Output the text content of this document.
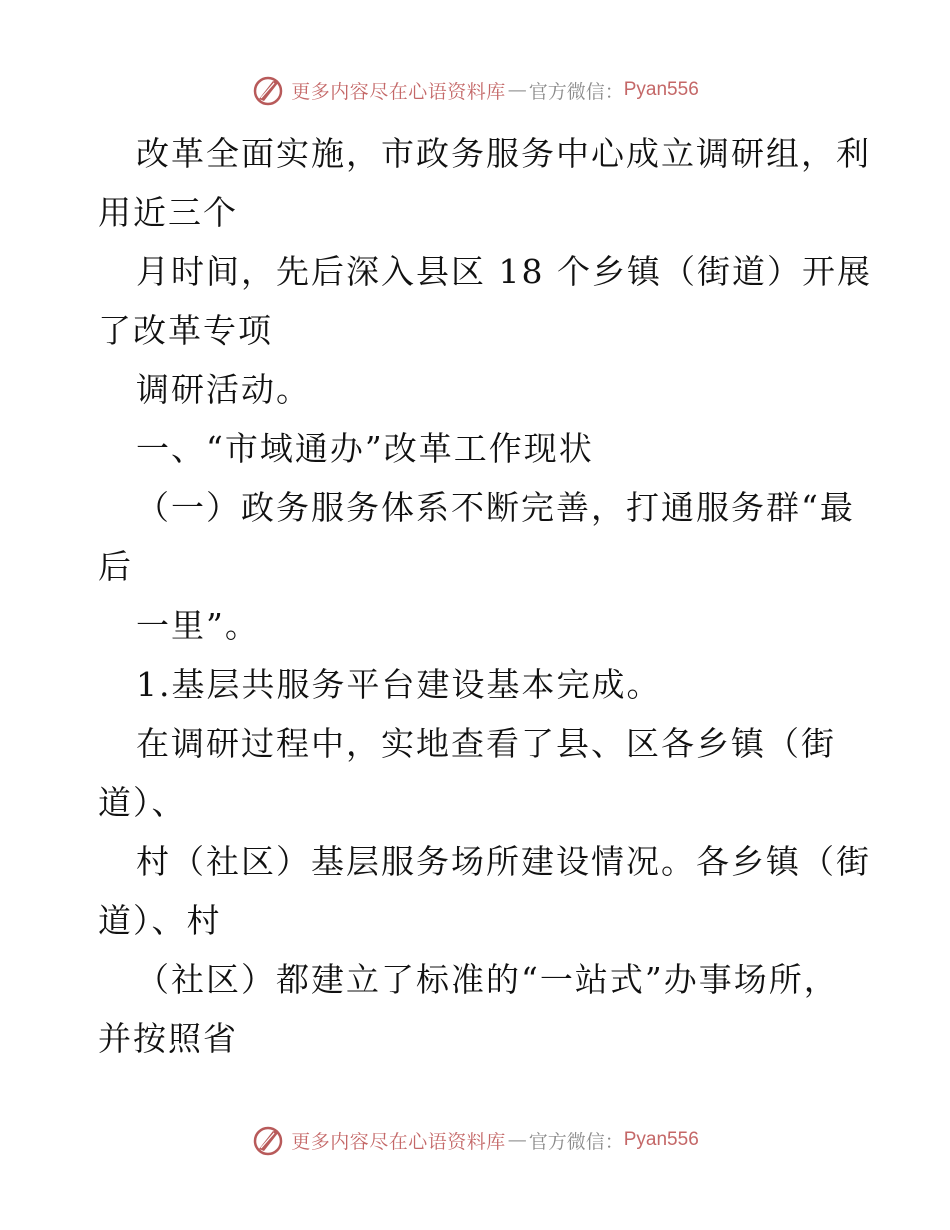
更多内容尽在心语资料库 — 官方微信： Pyan556
改革全面实施，市政务服务中心成立调研组，利
用近三个
月时间，先后深入县区 18 个乡镇（街道）开展
了改革专项
调研活动。
一、“市域通办”改革工作现状
（一）政务服务体系不断完善，打通服务群“最
后
一里”。
1.基层共服务平台建设基本完成。
在调研过程中，实地查看了县、区各乡镇（街
道）、
村（社区）基层服务场所建设情况。各乡镇（街
道）、村
（社区）都建立了标准的“一站式”办事场所，
并按照省
更多内容尽在心语资料库 — 官方微信： Pyan556
